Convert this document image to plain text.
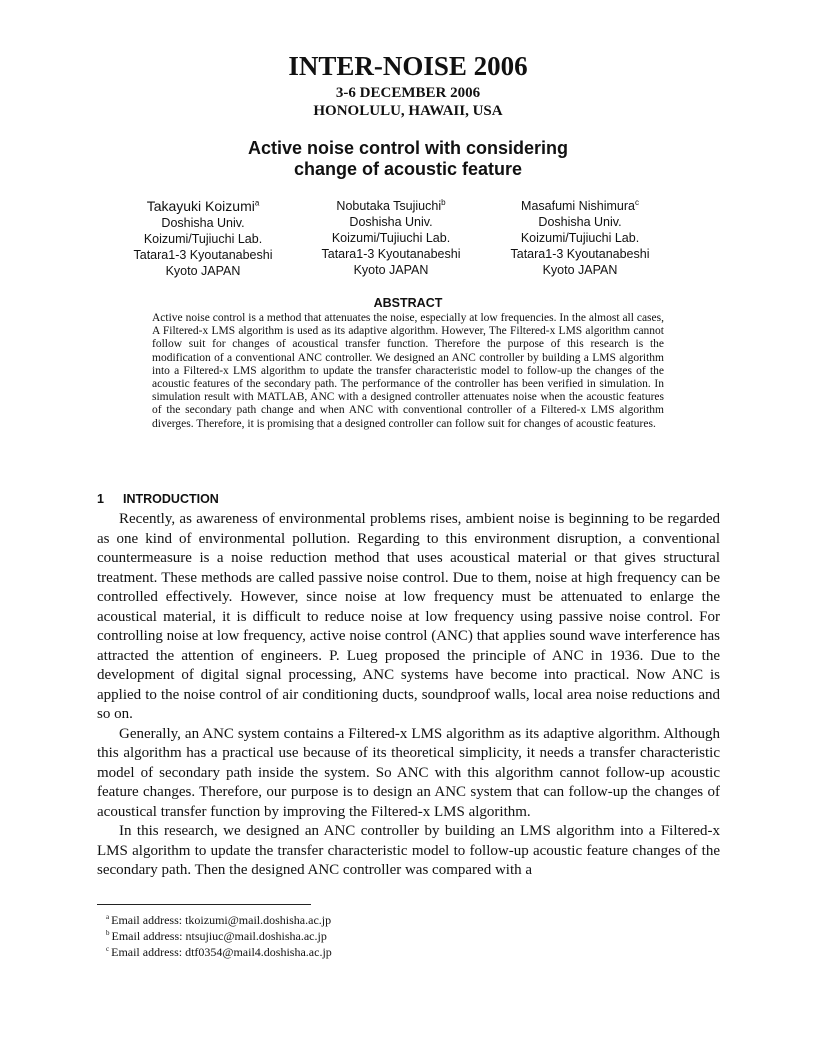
INTER-NOISE 2006
3-6 DECEMBER 2006
HONOLULU, HAWAII, USA
Active noise control with considering
change of acoustic feature
Takayuki Koizumi$^a$
Doshisha Univ.
Koizumi/Tujiuchi Lab.
Tatara1-3 Kyoutanabeshi
Kyoto JAPAN
Nobutaka Tsujiuchi$^b$
Doshisha Univ.
Koizumi/Tujiuchi Lab.
Tatara1-3 Kyoutanabeshi
Kyoto JAPAN
Masafumi Nishimura$^c$
Doshisha Univ.
Koizumi/Tujiuchi Lab.
Tatara1-3 Kyoutanabeshi
Kyoto JAPAN
ABSTRACT
Active noise control is a method that attenuates the noise, especially at low frequencies. In the almost all cases, A Filtered-x LMS algorithm is used as its adaptive algorithm. However, The Filtered-x LMS algorithm cannot follow suit for changes of acoustical transfer function. Therefore the purpose of this research is the modification of a conventional ANC controller. We designed an ANC controller by building a LMS algorithm into a Filtered-x LMS algorithm to update the transfer characteristic model to follow-up the changes of the acoustic features of the secondary path. The performance of the controller has been verified in simulation. In simulation result with MATLAB, ANC with a designed controller attenuates noise when the acoustic features of the secondary path change and when ANC with conventional controller of a Filtered-x LMS algorithm diverges. Therefore, it is promising that a designed controller can follow suit for changes of acoustic features.
1 INTRODUCTION

Recently, as awareness of environmental problems rises, ambient noise is beginning to be regarded as one kind of environmental pollution. Regarding to this environment disruption, a conventional countermeasure is a noise reduction method that uses acoustical material or that gives structural treatment. These methods are called passive noise control. Due to them, noise at high frequency can be controlled effectively. However, since noise at low frequency must be attenuated to enlarge the acoustical material, it is difficult to reduce noise at low frequency using passive noise control. For controlling noise at low frequency, active noise control (ANC) that applies sound wave interference has attracted the attention of engineers. P. Lueg proposed the principle of ANC in 1936. Due to the development of digital signal processing, ANC systems have become into practical. Now ANC is applied to the noise control of air conditioning ducts, soundproof walls, local area noise reductions and so on.

Generally, an ANC system contains a Filtered-x LMS algorithm as its adaptive algorithm. Although this algorithm has a practical use because of its theoretical simplicity, it needs a transfer characteristic model of secondary path inside the system. So ANC with this algorithm cannot follow-up acoustic feature changes. Therefore, our purpose is to design an ANC system that can follow-up the changes of acoustical transfer function by improving the Filtered-x LMS algorithm.

In this research, we designed an ANC controller by building an LMS algorithm into a Filtered-x LMS algorithm to update the transfer characteristic model to follow-up acoustic feature changes of the secondary path. Then the designed ANC controller was compared with a

$^a$ Email address: tkoizumi@mail.doshisha.ac.jp
$^b$ Email address: ntsujiuc@mail.doshisha.ac.jp
$^c$ Email address: dtf0354@mail4.doshisha.ac.jp
